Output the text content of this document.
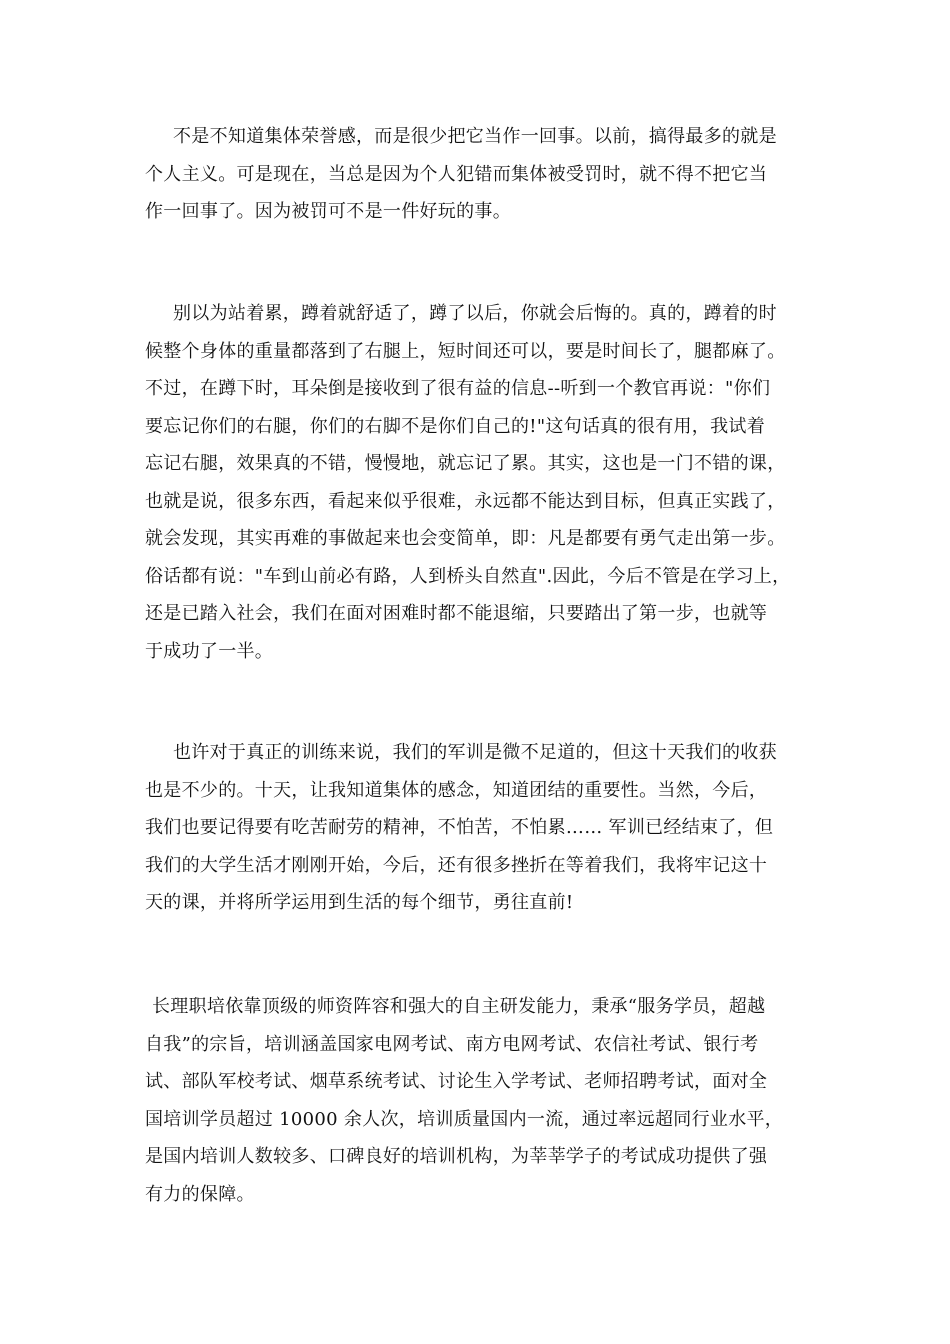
不是不知道集体荣誉感，而是很少把它当作一回事。以前，搞得最多的就是
个人主义。可是现在，当总是因为个人犯错而集体被受罚时，就不得不把它当
作一回事了。因为被罚可不是一件好玩的事。

别以为站着累，蹲着就舒适了，蹲了以后，你就会后悔的。真的，蹲着的时
候整个身体的重量都落到了右腿上，短时间还可以，要是时间长了，腿都麻了。
不过，在蹲下时，耳朵倒是接收到了很有益的信息--听到一个教官再说："你们
要忘记你们的右腿，你们的右脚不是你们自己的!"这句话真的很有用，我试着
忘记右腿，效果真的不错，慢慢地，就忘记了累。其实，这也是一门不错的课，
也就是说，很多东西，看起来似乎很难，永远都不能达到目标，但真正实践了，
就会发现，其实再难的事做起来也会变简单，即：凡是都要有勇气走出第一步。
俗话都有说："车到山前必有路，人到桥头自然直".因此，今后不管是在学习上，
还是已踏入社会，我们在面对困难时都不能退缩，只要踏出了第一步，也就等
于成功了一半。

也许对于真正的训练来说，我们的军训是微不足道的，但这十天我们的收获
也是不少的。十天，让我知道集体的感念，知道团结的重要性。当然，今后，
我们也要记得要有吃苦耐劳的精神，不怕苦，不怕累…… 军训已经结束了，但
我们的大学生活才刚刚开始，今后，还有很多挫折在等着我们，我将牢记这十
天的课，并将所学运用到生活的每个细节，勇往直前!

长理职培依靠顶级的师资阵容和强大的自主研发能力，秉承“服务学员，超越
自我”的宗旨，培训涵盖国家电网考试、南方电网考试、农信社考试、银行考
试、部队军校考试、烟草系统考试、讨论生入学考试、老师招聘考试，面对全
国培训学员超过 10000 余人次，培训质量国内一流，通过率远超同行业水平，
是国内培训人数较多、口碑良好的培训机构，为莘莘学子的考试成功提供了强
有力的保障。
